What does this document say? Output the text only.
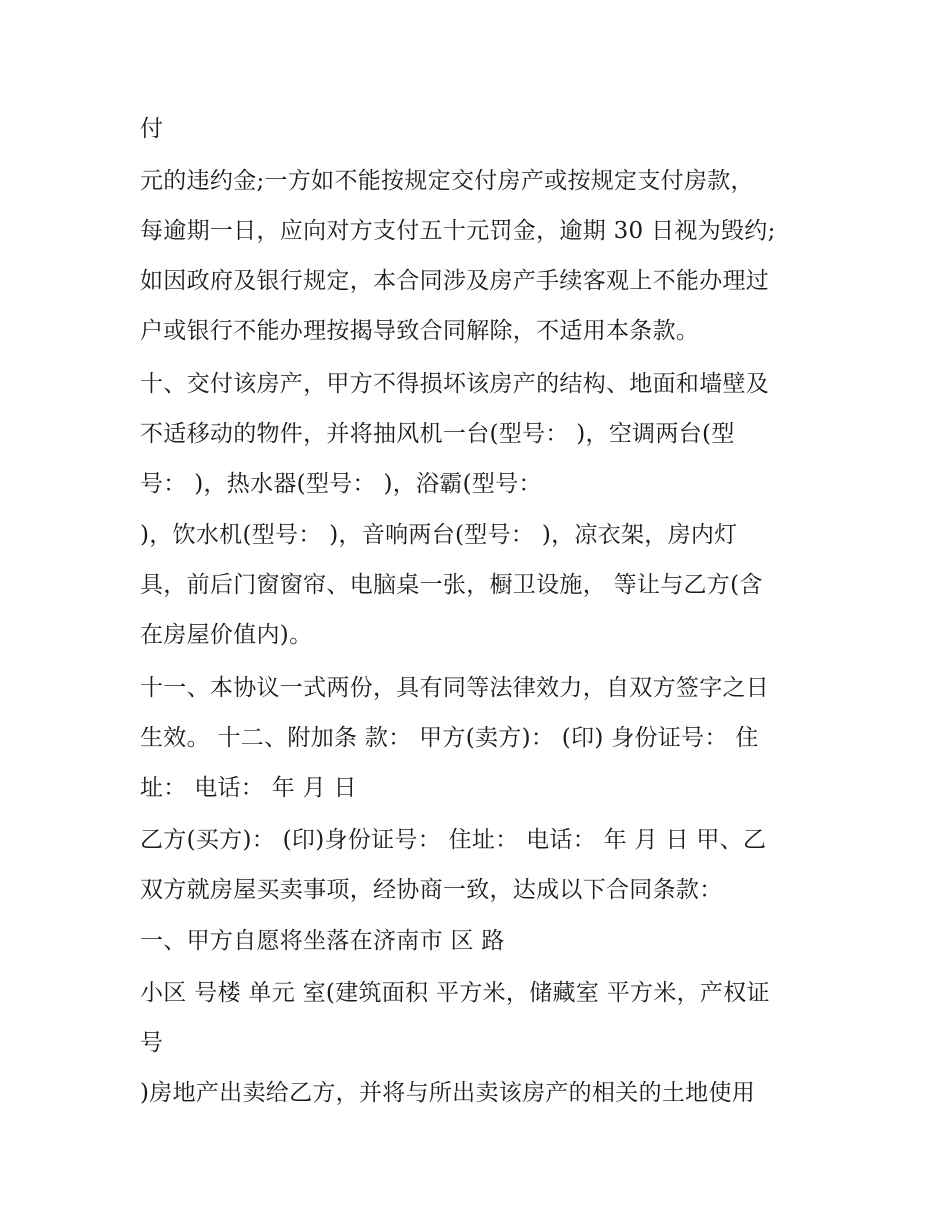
付
元的违约金;一方如不能按规定交付房产或按规定支付房款，
每逾期一日，应向对方支付五十元罚金，逾期 30 日视为毁约;
如因政府及银行规定，本合同涉及房产手续客观上不能办理过
户或银行不能办理按揭导致合同解除，不适用本条款。
十、交付该房产，甲方不得损坏该房产的结构、地面和墙壁及
不适移动的物件，并将抽风机一台(型号： )，空调两台(型
号： )，热水器(型号： )，浴霸(型号：
)，饮水机(型号： )，音响两台(型号： )，凉衣架，房内灯
具，前后门窗窗帘、电脑桌一张，橱卫设施， 等让与乙方(含
在房屋价值内)。
十一、本协议一式两份，具有同等法律效力，自双方签字之日
生效。 十二、附加条 款： 甲方(卖方)： (印) 身份证号： 住
址： 电话： 年 月 日
乙方(买方)： (印)身份证号： 住址： 电话： 年 月 日 甲、乙
双方就房屋买卖事项，经协商一致，达成以下合同条款：
一、甲方自愿将坐落在济南市 区 路
小区 号楼 单元 室(建筑面积 平方米，储藏室 平方米，产权证
号
)房地产出卖给乙方，并将与所出卖该房产的相关的土地使用
